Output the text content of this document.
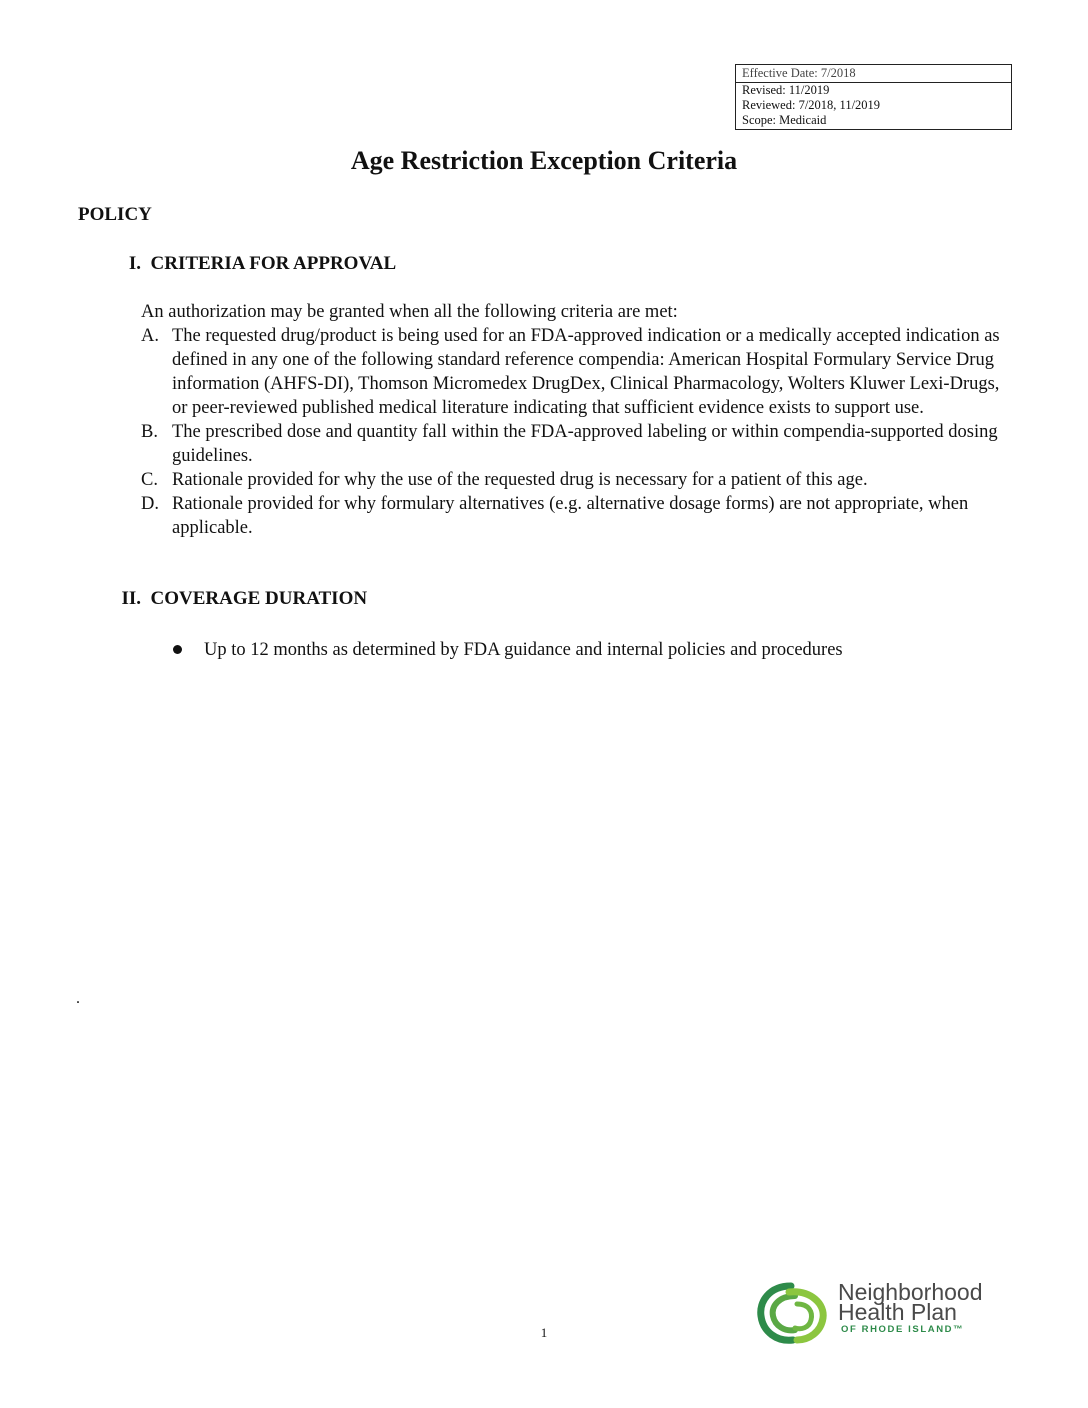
Effective Date: 7/2018
Revised: 11/2019
Reviewed: 7/2018, 11/2019
Scope: Medicaid
Age Restriction Exception Criteria
POLICY
I. CRITERIA FOR APPROVAL

An authorization may be granted when all the following criteria are met:

A. The requested drug/product is being used for an FDA-approved indication or a medically accepted indication as defined in any one of the following standard reference compendia: American Hospital Formulary Service Drug information (AHFS-DI), Thomson Micromedex DrugDex, Clinical Pharmacology, Wolters Kluwer Lexi-Drugs, or peer-reviewed published medical literature indicating that sufficient evidence exists to support use.
B. The prescribed dose and quantity fall within the FDA-approved labeling or within compendia-supported dosing guidelines.
C. Rationale provided for why the use of the requested drug is necessary for a patient of this age.
D. Rationale provided for why formulary alternatives (e.g. alternative dosage forms) are not appropriate, when applicable.
II. COVERAGE DURATION
Up to 12 months as determined by FDA guidance and internal policies and procedures
.
1
Neighborhood
Health Plan
OF RHODE ISLAND™
